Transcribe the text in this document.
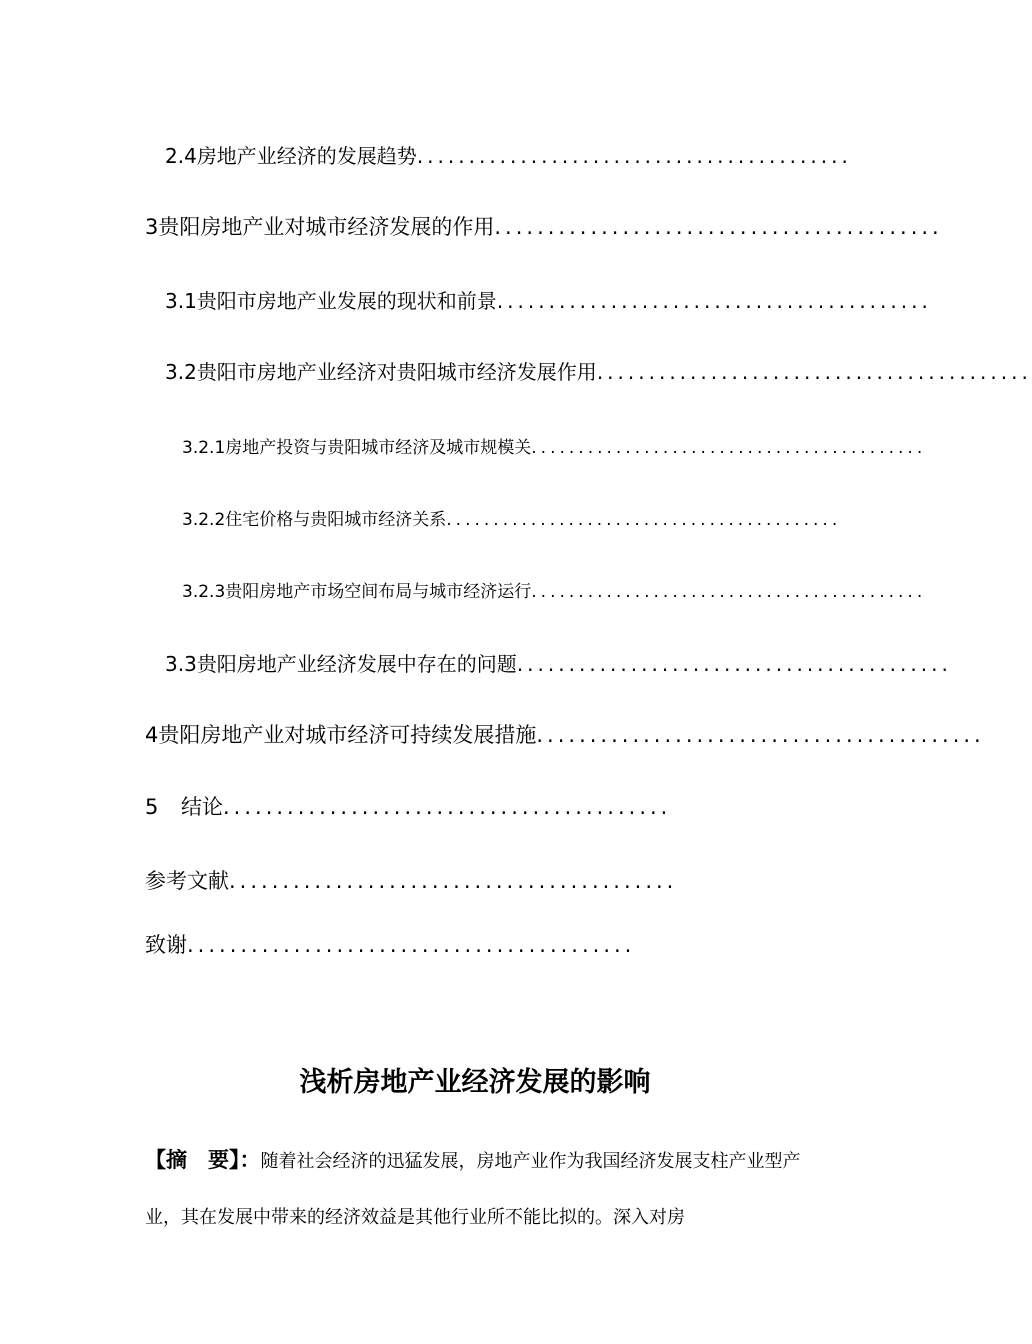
2.4 房地产业经济的发展趋势 ..........................................
3 贵阳房地产业对城市经济发展的作用 ..........................................
3.1 贵阳市房地产业发展的现状和前景 ..........................................
3.2 贵阳市房地产业经济对贵阳城市经济发展作用 ..........................................
3.2.1 房地产投资与贵阳城市经济及城市规模关 ..........................................
3.2.2 住宅价格与贵阳城市经济关系 ..........................................
3.2.3 贵阳房地产市场空间布局与城市经济运行 ..........................................
3.3 贵阳房地产业经济发展中存在的问题 ..........................................
4 贵阳房地产业对城市经济可持续发展措施 ..........................................
5	结论 ..........................................
参考文献 ..........................................
致谢 ..........................................
浅析房地产业经济发展的影响
【摘　要】：随着社会经济的迅猛发展，房地产业作为我国经济发展支柱产业型产业，其在发展中带来的经济效益是其他行业所不能比拟的。深入对房
